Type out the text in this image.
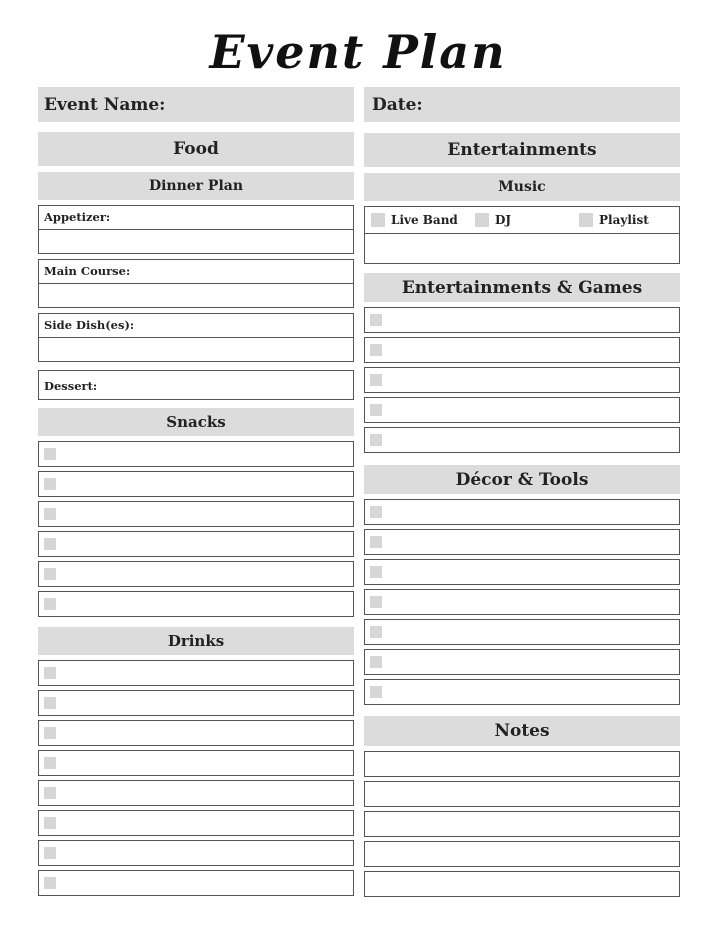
Event Plan
Event Name:	Date:
Food
Dinner Plan
Appetizer:
Main Course:
Side Dish(es):
Dessert:
Snacks
Drinks
Entertainments
Music
Live Band	DJ	Playlist
Entertainments & Games
Décor & Tools
Notes
